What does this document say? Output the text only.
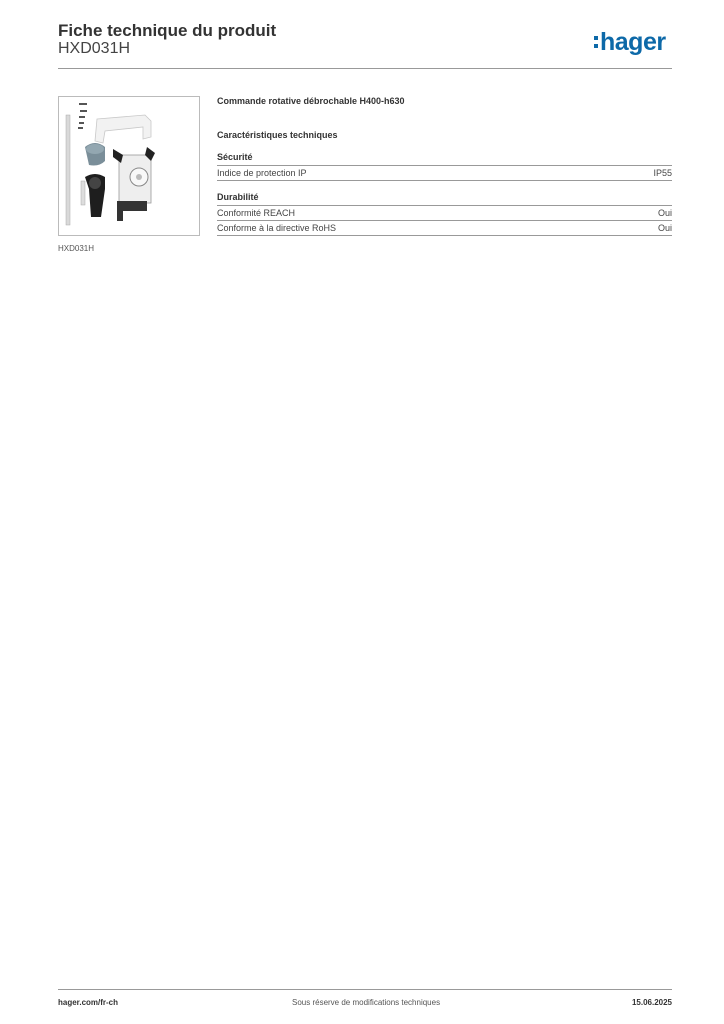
Fiche technique du produit
HXD031H	hager
HXD031H
Commande rotative débrochable H400-h630
Caractéristiques techniques
Sécurité
Indice de protection IP	IP55
Durabilité
Conformité REACH	Oui
Conforme à la directive RoHS	Oui
hager.com/fr-ch	Sous réserve de modifications techniques	15.06.2025
